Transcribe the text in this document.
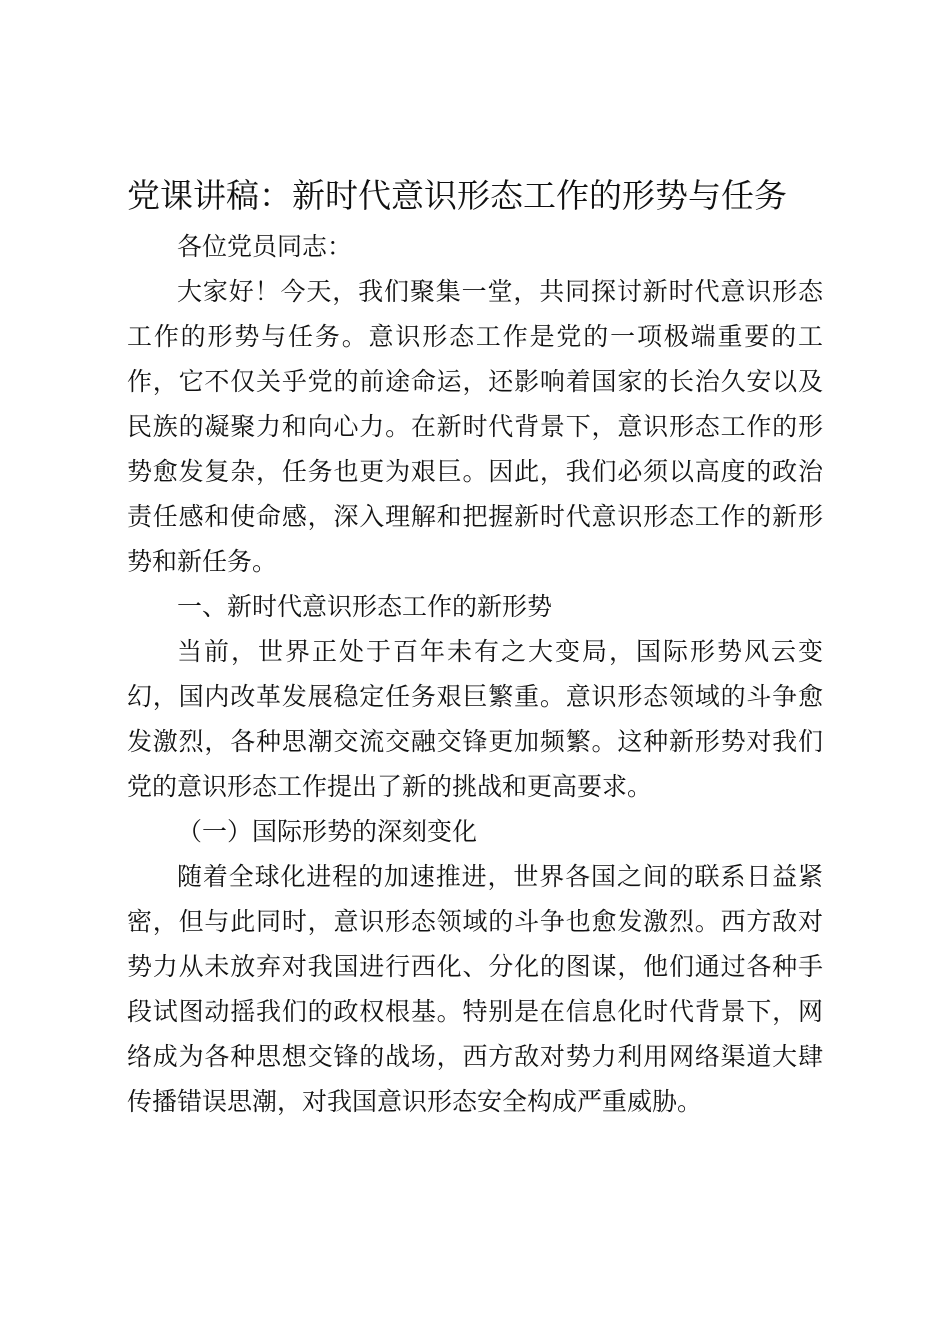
党课讲稿：新时代意识形态工作的形势与任务

各位党员同志：

大家好！今天，我们聚集一堂，共同探讨新时代意识形态工作的形势与任务。意识形态工作是党的一项极端重要的工作，它不仅关乎党的前途命运，还影响着国家的长治久安以及民族的凝聚力和向心力。在新时代背景下，意识形态工作的形势愈发复杂，任务也更为艰巨。因此，我们必须以高度的政治责任感和使命感，深入理解和把握新时代意识形态工作的新形势和新任务。

一、新时代意识形态工作的新形势

当前，世界正处于百年未有之大变局，国际形势风云变幻，国内改革发展稳定任务艰巨繁重。意识形态领域的斗争愈发激烈，各种思潮交流交融交锋更加频繁。这种新形势对我们党的意识形态工作提出了新的挑战和更高要求。

（一）国际形势的深刻变化

随着全球化进程的加速推进，世界各国之间的联系日益紧密，但与此同时，意识形态领域的斗争也愈发激烈。西方敌对势力从未放弃对我国进行西化、分化的图谋，他们通过各种手段试图动摇我们的政权根基。特别是在信息化时代背景下，网络成为各种思想交锋的战场，西方敌对势力利用网络渠道大肆传播错误思潮，对我国意识形态安全构成严重威胁。
